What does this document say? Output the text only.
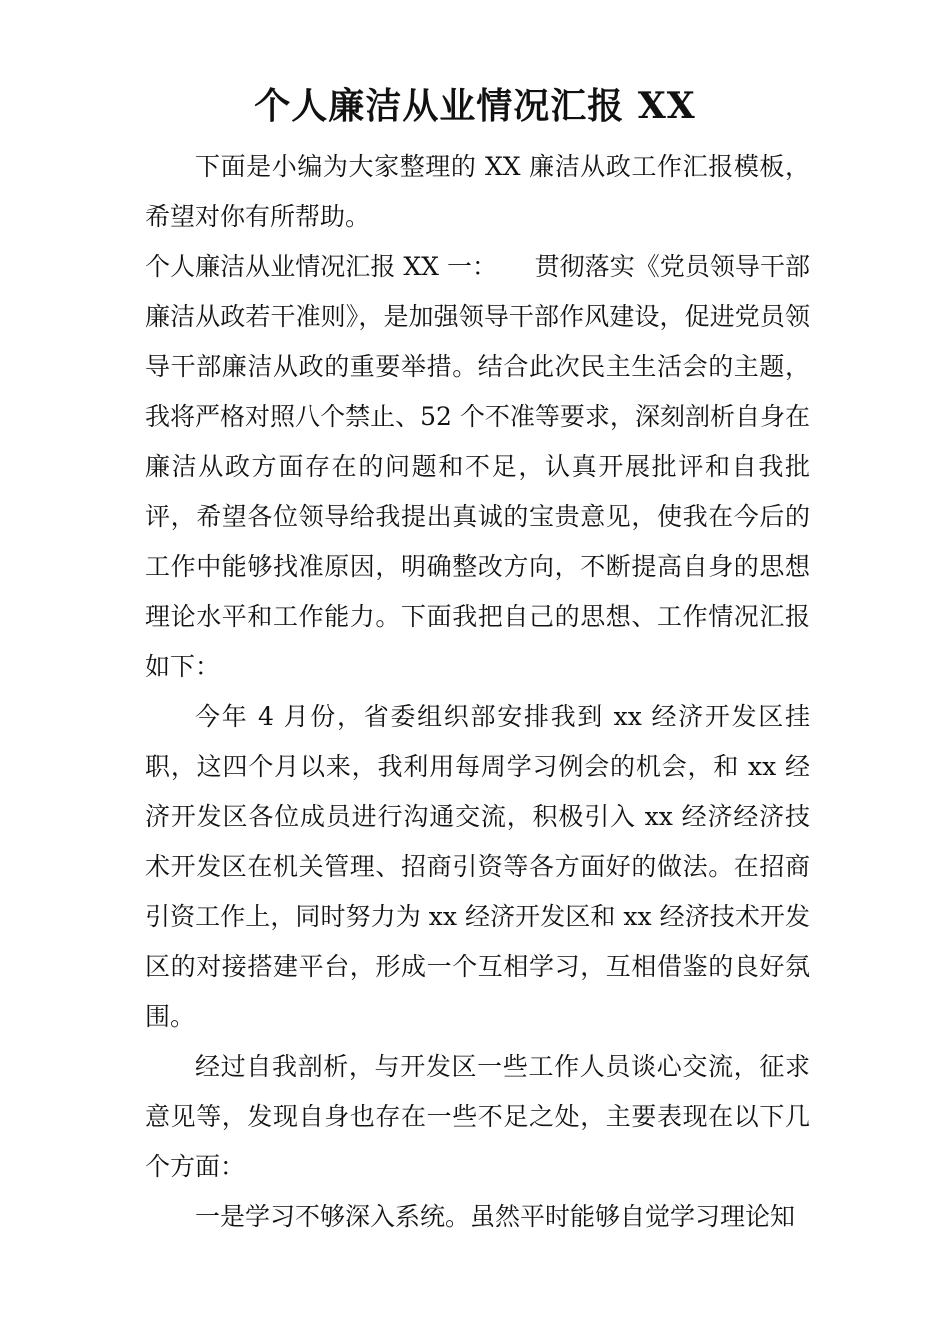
个人廉洁从业情况汇报 XX

下面是小编为大家整理的 XX 廉洁从政工作汇报模板，希望对你有所帮助。

个人廉洁从业情况汇报 XX 一：　　贯彻落实《党员领导干部廉洁从政若干准则》，是加强领导干部作风建设，促进党员领导干部廉洁从政的重要举措。结合此次民主生活会的主题，我将严格对照八个禁止、52 个不准等要求，深刻剖析自身在廉洁从政方面存在的问题和不足，认真开展批评和自我批评，希望各位领导给我提出真诚的宝贵意见，使我在今后的工作中能够找准原因，明确整改方向，不断提高自身的思想理论水平和工作能力。下面我把自己的思想、工作情况汇报如下：

今年 4 月份，省委组织部安排我到 xx 经济开发区挂职，这四个月以来，我利用每周学习例会的机会，和 xx 经济开发区各位成员进行沟通交流，积极引入 xx 经济经济技术开发区在机关管理、招商引资等各方面好的做法。在招商引资工作上，同时努力为 xx 经济开发区和 xx 经济技术开发区的对接搭建平台，形成一个互相学习，互相借鉴的良好氛围。

经过自我剖析，与开发区一些工作人员谈心交流，征求意见等，发现自身也存在一些不足之处，主要表现在以下几个方面：

一是学习不够深入系统。虽然平时能够自觉学习理论知
